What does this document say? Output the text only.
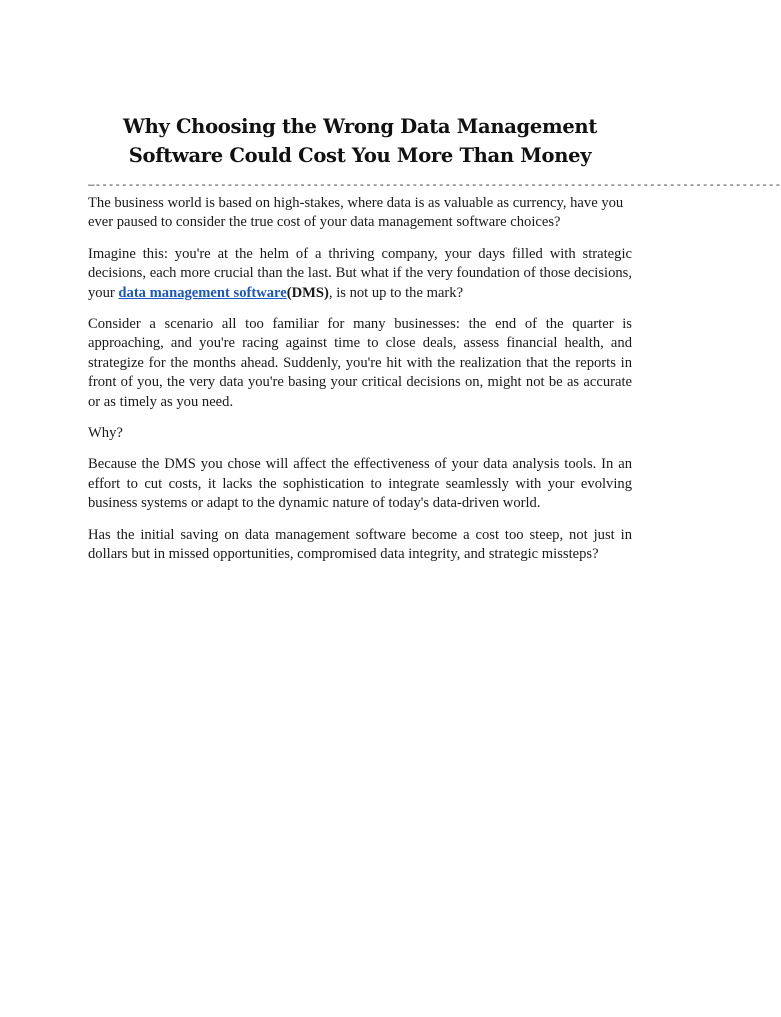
Why Choosing the Wrong Data Management Software Could Cost You More Than Money
—--------------------------------------------------------------------------------------------------------

The business world is based on high-stakes, where data is as valuable as currency, have you ever paused to consider the true cost of your data management software choices?

Imagine this: you're at the helm of a thriving company, your days filled with strategic decisions, each more crucial than the last. But what if the very foundation of those decisions, your data management software(DMS), is not up to the mark?

Consider a scenario all too familiar for many businesses: the end of the quarter is approaching, and you're racing against time to close deals, assess financial health, and strategize for the months ahead. Suddenly, you're hit with the realization that the reports in front of you, the very data you're basing your critical decisions on, might not be as accurate or as timely as you need.

Why?

Because the DMS you chose will affect the effectiveness of your data analysis tools. In an effort to cut costs, it lacks the sophistication to integrate seamlessly with your evolving business systems or adapt to the dynamic nature of today's data-driven world.

Has the initial saving on data management software become a cost too steep, not just in dollars but in missed opportunities, compromised data integrity, and strategic missteps?
